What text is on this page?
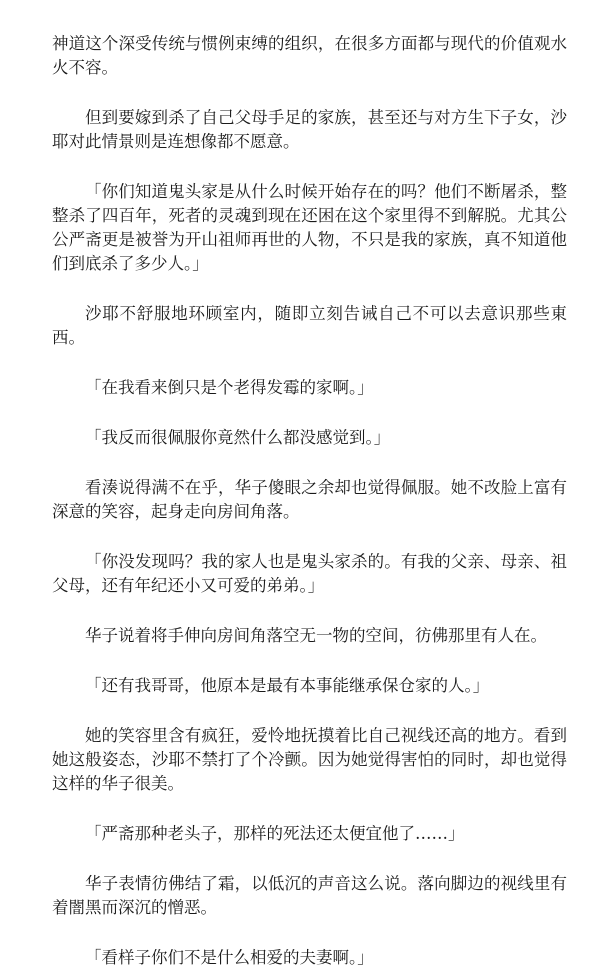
神道这个深受传统与惯例束缚的组织，在很多方面都与现代的价值观水火不容。

但到要嫁到杀了自己父母手足的家族，甚至还与对方生下子女，沙耶对此情景则是连想像都不愿意。

「你们知道鬼头家是从什么时候开始存在的吗？他们不断屠杀，整整杀了四百年，死者的灵魂到现在还困在这个家里得不到解脱。尤其公公严斋更是被誉为开山祖师再世的人物，不只是我的家族，真不知道他们到底杀了多少人。」

沙耶不舒服地环顾室内，随即立刻告诫自己不可以去意识那些東西。

「在我看来倒只是个老得发霉的家啊。」

「我反而很佩服你竟然什么都没感觉到。」

看湊说得满不在乎，华子傻眼之余却也觉得佩服。她不改脸上富有深意的笑容，起身走向房间角落。

「你没发现吗？我的家人也是鬼头家杀的。有我的父亲、母亲、祖父母，还有年纪还小又可爱的弟弟。」

华子说着将手伸向房间角落空无一物的空间，彷佛那里有人在。

「还有我哥哥，他原本是最有本事能继承保仓家的人。」

她的笑容里含有疯狂，爱怜地抚摸着比自己视线还高的地方。看到她这般姿态，沙耶不禁打了个冷颤。因为她觉得害怕的同时，却也觉得这样的华子很美。

「严斋那种老头子，那样的死法还太便宜他了……」

华子表情彷佛结了霜，以低沉的声音这么说。落向脚边的视线里有着闇黑而深沉的憎恶。

「看样子你们不是什么相爱的夫妻啊。」
